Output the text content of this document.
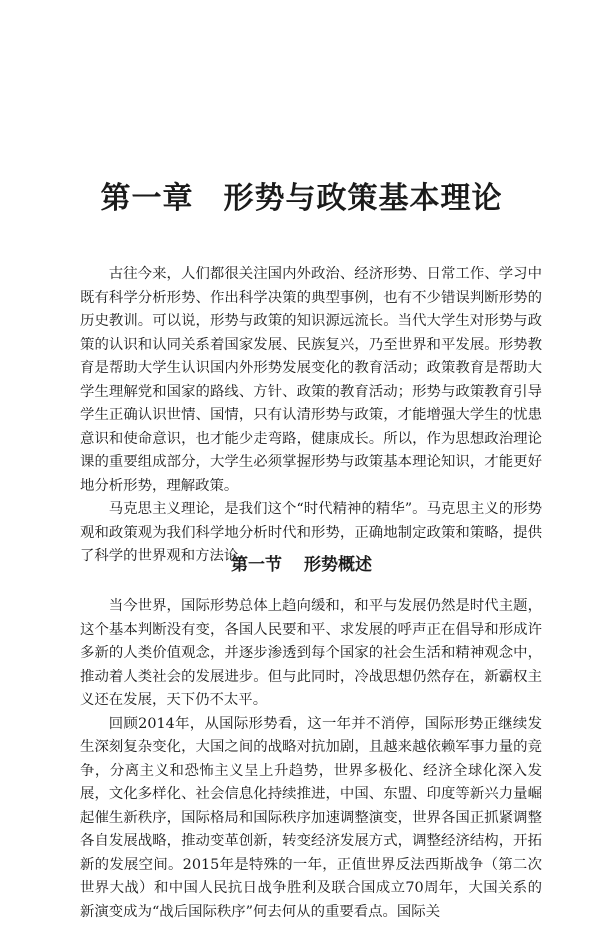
第一章 形势与政策基本理论

古往今来，人们都很关注国内外政治、经济形势、日常工作、学习中既有科学分析形势、作出科学决策的典型事例，也有不少错误判断形势的历史教训。可以说，形势与政策的知识源远流长。当代大学生对形势与政策的认识和认同关系着国家发展、民族复兴，乃至世界和平发展。形势教育是帮助大学生认识国内外形势发展变化的教育活动；政策教育是帮助大学生理解党和国家的路线、方针、政策的教育活动；形势与政策教育引导学生正确认识世情、国情，只有认清形势与政策，才能增强大学生的忧患意识和使命意识，也才能少走弯路，健康成长。所以，作为思想政治理论课的重要组成部分，大学生必须掌握形势与政策基本理论知识，才能更好地分析形势，理解政策。

马克思主义理论，是我们这个“时代精神的精华”。马克思主义的形势观和政策观为我们科学地分析时代和形势，正确地制定政策和策略，提供了科学的世界观和方法论。

第一节 形势概述

当今世界，国际形势总体上趋向缓和，和平与发展仍然是时代主题，这个基本判断没有变，各国人民要和平、求发展的呼声正在倡导和形成许多新的人类价值观念，并逐步渗透到每个国家的社会生活和精神观念中，推动着人类社会的发展进步。但与此同时，冷战思想仍然存在，新霸权主义还在发展，天下仍不太平。

回顾2014年，从国际形势看，这一年并不消停，国际形势正继续发生深刻复杂变化，大国之间的战略对抗加剧，且越来越依赖军事力量的竞争，分离主义和恐怖主义呈上升趋势，世界多极化、经济全球化深入发展，文化多样化、社会信息化持续推进，中国、东盟、印度等新兴力量崛起催生新秩序，国际格局和国际秩序加速调整演变，世界各国正抓紧调整各自发展战略，推动变革创新，转变经济发展方式，调整经济结构，开拓新的发展空间。2015年是特殊的一年，正值世界反法西斯战争（第二次世界大战）和中国人民抗日战争胜利及联合国成立70周年，大国关系的新演变成为“战后国际秩序”何去何从的重要看点。国际关
